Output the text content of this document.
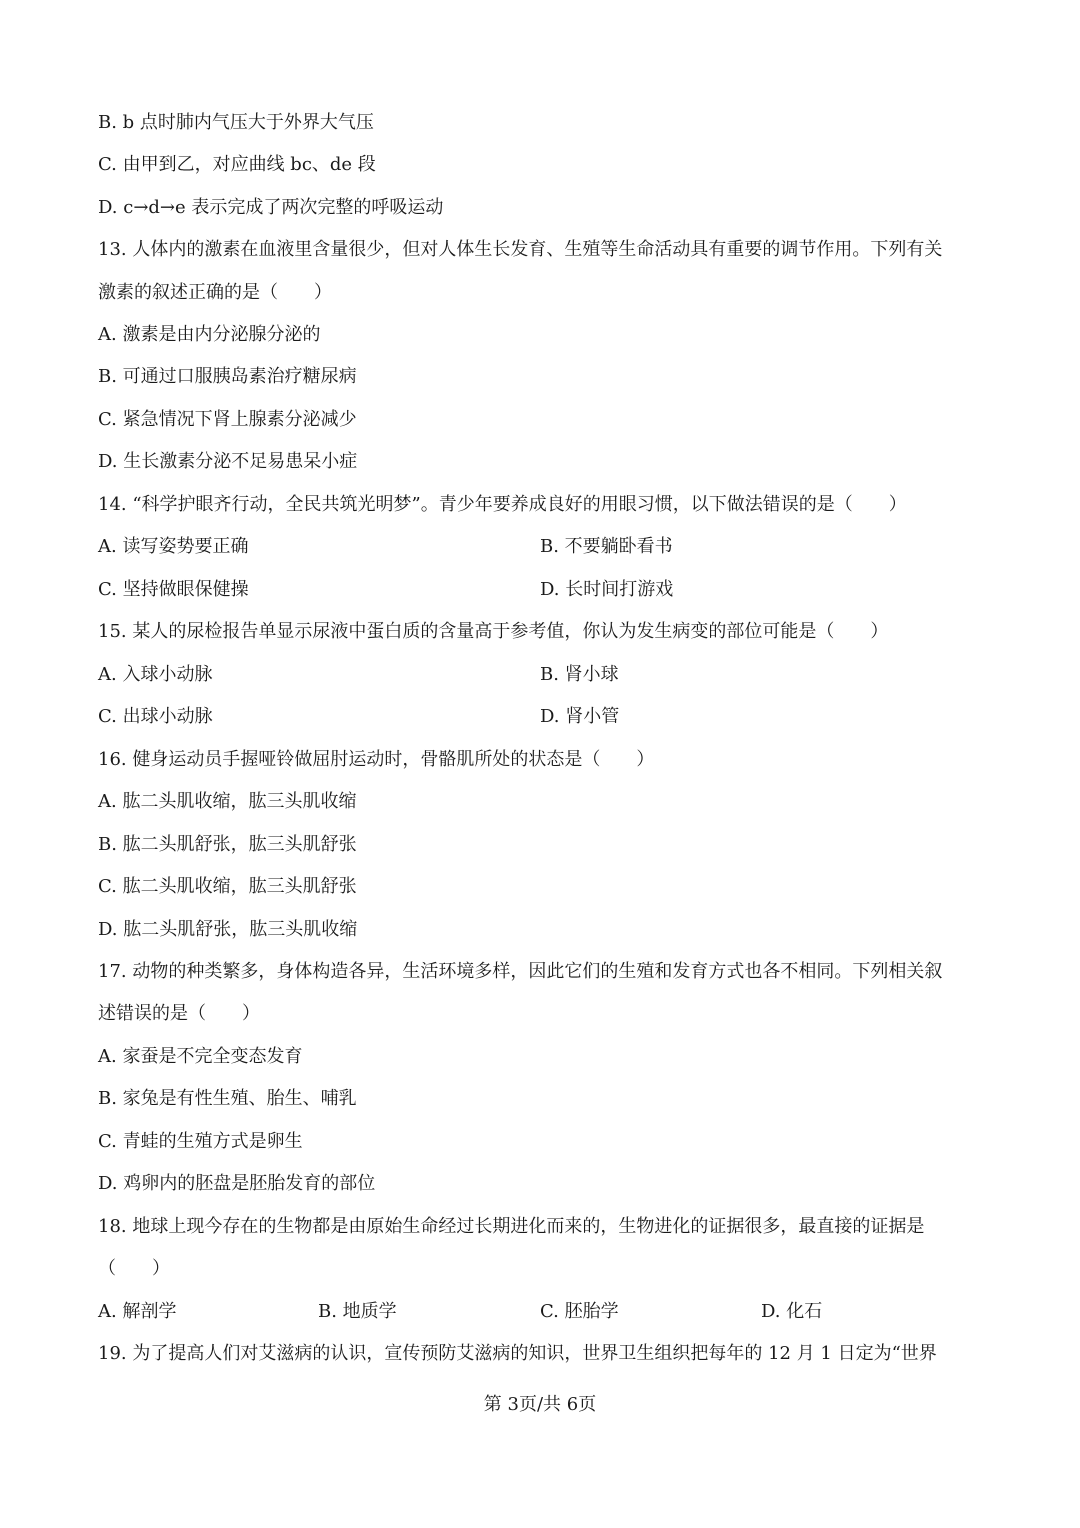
B. b 点时肺内气压大于外界大气压
C. 由甲到乙，对应曲线 bc、de 段
D. c→d→e 表示完成了两次完整的呼吸运动
13. 人体内的激素在血液里含量很少，但对人体生长发育、生殖等生命活动具有重要的调节作用。下列有关
激素的叙述正确的是（　　）
A. 激素是由内分泌腺分泌的
B. 可通过口服胰岛素治疗糖尿病
C. 紧急情况下肾上腺素分泌减少
D. 生长激素分泌不足易患呆小症
14. “科学护眼齐行动，全民共筑光明梦”。青少年要养成良好的用眼习惯，以下做法错误的是（　　）
A. 读写姿势要正确	B. 不要躺卧看书
C. 坚持做眼保健操	D. 长时间打游戏
15. 某人的尿检报告单显示尿液中蛋白质的含量高于参考值，你认为发生病变的部位可能是（　　）
A. 入球小动脉	B. 肾小球
C. 出球小动脉	D. 肾小管
16. 健身运动员手握哑铃做屈肘运动时，骨骼肌所处的状态是（　　）
A. 肱二头肌收缩，肱三头肌收缩
B. 肱二头肌舒张，肱三头肌舒张
C. 肱二头肌收缩，肱三头肌舒张
D. 肱二头肌舒张，肱三头肌收缩
17. 动物的种类繁多，身体构造各异，生活环境多样，因此它们的生殖和发育方式也各不相同。下列相关叙
述错误的是（　　）
A. 家蚕是不完全变态发育
B. 家兔是有性生殖、胎生、哺乳
C. 青蛙的生殖方式是卵生
D. 鸡卵内的胚盘是胚胎发育的部位
18. 地球上现今存在的生物都是由原始生命经过长期进化而来的，生物进化的证据很多，最直接的证据是
（　　）
A. 解剖学	B. 地质学	C. 胚胎学	D. 化石
19. 为了提高人们对艾滋病的认识，宣传预防艾滋病的知识，世界卫生组织把每年的 12 月 1 日定为“世界
第 3页/共 6页
